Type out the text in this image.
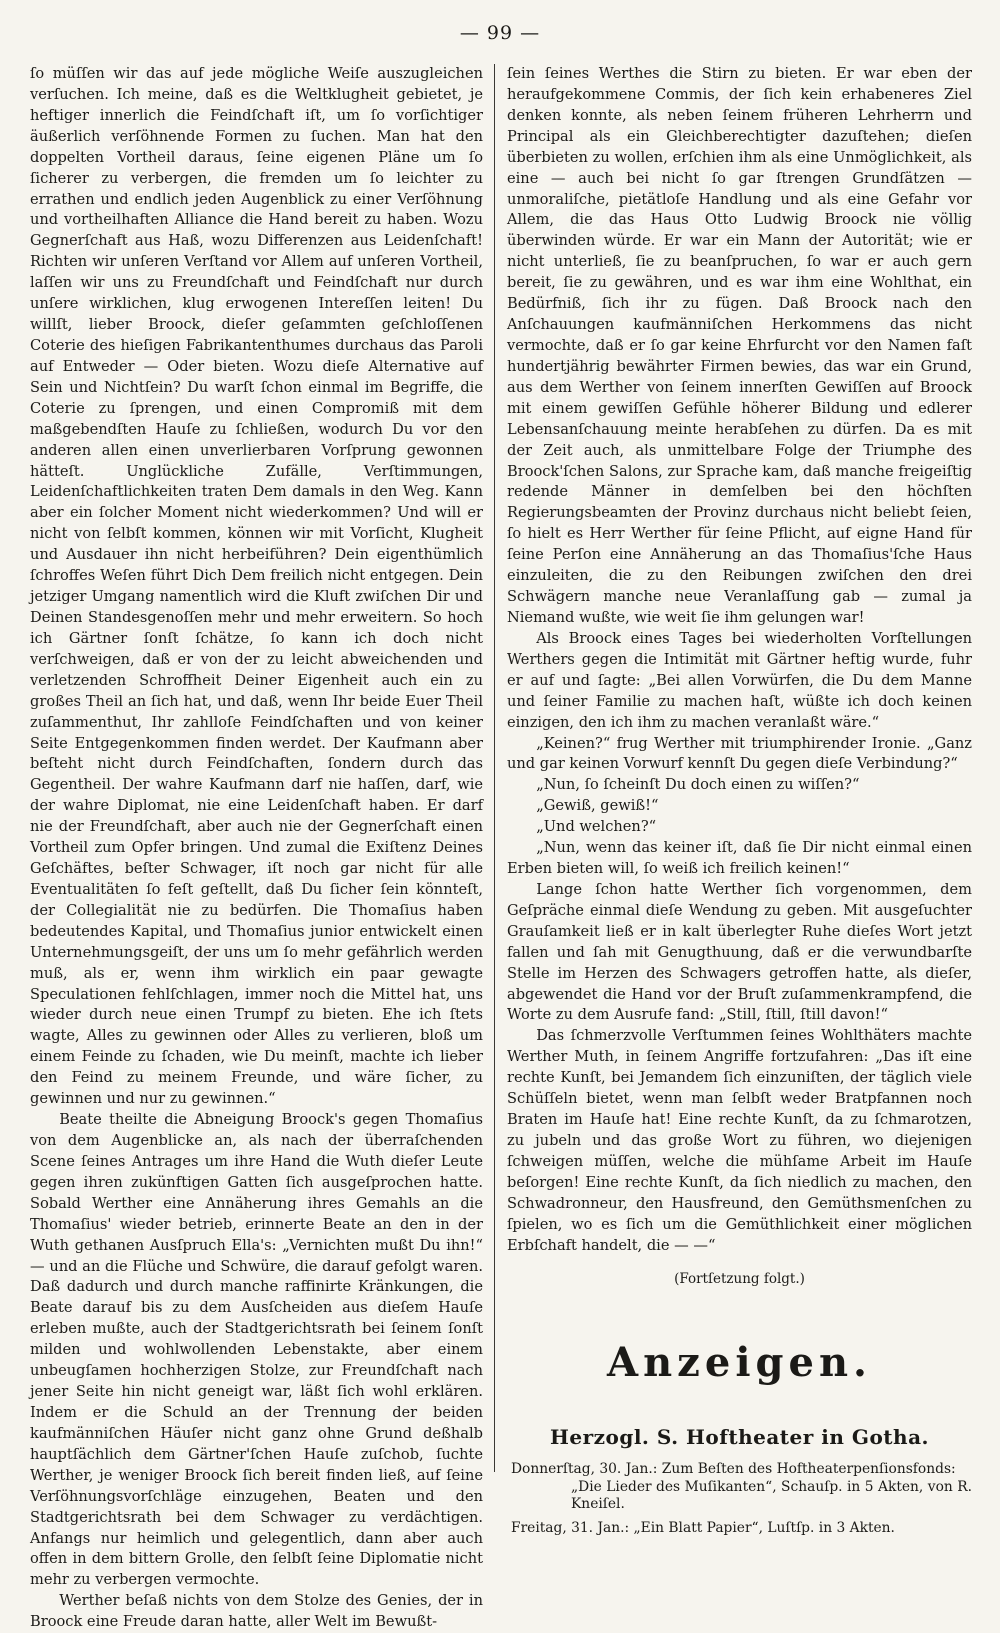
— 99 —

ſo müſſen wir das auf jede mögliche Weiſe auszugleichen verſuchen. Ich meine, daß es die Weltklugheit gebietet, je heftiger innerlich die Feindſchaft iſt, um ſo vorſichtiger äußerlich verſöhnende Formen zu ſuchen. Man hat den doppelten Vortheil daraus, ſeine eigenen Pläne um ſo ſicherer zu verbergen, die fremden um ſo leichter zu errathen und endlich jeden Augenblick zu einer Verſöhnung und vortheilhaften Alliance die Hand bereit zu haben. Wozu Gegnerſchaft aus Haß, wozu Differenzen aus Leidenſchaft! Richten wir unſeren Verſtand vor Allem auf unſeren Vortheil, laſſen wir uns zu Freundſchaft und Feindſchaft nur durch unſere wirklichen, klug erwogenen Intereſſen leiten! Du willſt, lieber Broock, dieſer geſammten geſchloſſenen Coterie des hieſigen Fabrikantenthumes durchaus das Paroli auf Entweder — Oder bieten. Wozu dieſe Alternative auf Sein und Nichtſein? Du warſt ſchon einmal im Begriffe, die Coterie zu ſprengen, und einen Compromiß mit dem maßgebendſten Hauſe zu ſchließen, wodurch Du vor den anderen allen einen unverlierbaren Vorſprung gewonnen hätteſt. Unglückliche Zufälle, Verſtimmungen, Leidenſchaftlichkeiten traten Dem damals in den Weg. Kann aber ein ſolcher Moment nicht wiederkommen? Und will er nicht von ſelbſt kommen, können wir mit Vorſicht, Klugheit und Ausdauer ihn nicht herbeiführen? Dein eigenthümlich ſchroffes Weſen führt Dich Dem freilich nicht entgegen. Dein jetziger Umgang namentlich wird die Kluft zwiſchen Dir und Deinen Standesgenoſſen mehr und mehr erweitern. So hoch ich Gärtner ſonſt ſchätze, ſo kann ich doch nicht verſchweigen, daß er von der zu leicht abweichenden und verletzenden Schroffheit Deiner Eigenheit auch ein zu großes Theil an ſich hat, und daß, wenn Ihr beide Euer Theil zuſammenthut, Ihr zahlloſe Feindſchaften und von keiner Seite Entgegenkommen finden werdet. Der Kaufmann aber beſteht nicht durch Feindſchaften, ſondern durch das Gegentheil. Der wahre Kaufmann darf nie haſſen, darf, wie der wahre Diplomat, nie eine Leidenſchaft haben. Er darf nie der Freundſchaft, aber auch nie der Gegnerſchaft einen Vortheil zum Opfer bringen. Und zumal die Exiſtenz Deines Geſchäftes, beſter Schwager, iſt noch gar nicht für alle Eventualitäten ſo feſt geſtellt, daß Du ſicher ſein könnteſt, der Collegialität nie zu bedürfen. Die Thomaſius haben bedeutendes Kapital, und Thomaſius junior entwickelt einen Unternehmungsgeiſt, der uns um ſo mehr gefährlich werden muß, als er, wenn ihm wirklich ein paar gewagte Speculationen fehlſchlagen, immer noch die Mittel hat, uns wieder durch neue einen Trumpf zu bieten. Ehe ich ſtets wagte, Alles zu gewinnen oder Alles zu verlieren, bloß um einem Feinde zu ſchaden, wie Du meinſt, machte ich lieber den Feind zu meinem Freunde, und wäre ſicher, zu gewinnen und nur zu gewinnen.“

Beate theilte die Abneigung Broock's gegen Thomaſius von dem Augenblicke an, als nach der überraſchenden Scene ſeines Antrages um ihre Hand die Wuth dieſer Leute gegen ihren zukünftigen Gatten ſich ausgeſprochen hatte. Sobald Werther eine Annäherung ihres Gemahls an die Thomaſius' wieder betrieb, erinnerte Beate an den in der Wuth gethanen Ausſpruch Ella's: „Vernichten mußt Du ihn!“ — und an die Flüche und Schwüre, die darauf gefolgt waren. Daß dadurch und durch manche raffinirte Kränkungen, die Beate darauf bis zu dem Ausſcheiden aus dieſem Hauſe erleben mußte, auch der Stadtgerichtsrath bei ſeinem ſonſt milden und wohlwollenden Lebenstakte, aber einem unbeugſamen hochherzigen Stolze, zur Freundſchaft nach jener Seite hin nicht geneigt war, läßt ſich wohl erklären. Indem er die Schuld an der Trennung der beiden kaufmänniſchen Häuſer nicht ganz ohne Grund deßhalb hauptſächlich dem Gärtner'ſchen Hauſe zuſchob, ſuchte Werther, je weniger Broock ſich bereit finden ließ, auf ſeine Verſöhnungsvorſchläge einzugehen, Beaten und den Stadtgerichtsrath bei dem Schwager zu verdächtigen. Anfangs nur heimlich und gelegentlich, dann aber auch offen in dem bittern Grolle, den ſelbſt ſeine Diplomatie nicht mehr zu verbergen vermochte.

Werther beſaß nichts von dem Stolze des Genies, der in Broock eine Freude daran hatte, aller Welt im Bewußt-

ſein ſeines Werthes die Stirn zu bieten. Er war eben der heraufgekommene Commis, der ſich kein erhabeneres Ziel denken konnte, als neben ſeinem früheren Lehrherrn und Principal als ein Gleichberechtigter dazuſtehen; dieſen überbieten zu wollen, erſchien ihm als eine Unmöglichkeit, als eine — auch bei nicht ſo gar ſtrengen Grundſätzen — unmoraliſche, pietätloſe Handlung und als eine Gefahr vor Allem, die das Haus Otto Ludwig Broock nie völlig überwinden würde. Er war ein Mann der Autorität; wie er nicht unterließ, ſie zu beanſpruchen, ſo war er auch gern bereit, ſie zu gewähren, und es war ihm eine Wohlthat, ein Bedürfniß, ſich ihr zu fügen. Daß Broock nach den Anſchauungen kaufmänniſchen Herkommens das nicht vermochte, daß er ſo gar keine Ehrfurcht vor den Namen faſt hundertjährig bewährter Firmen bewies, das war ein Grund, aus dem Werther von ſeinem innerſten Gewiſſen auf Broock mit einem gewiſſen Gefühle höherer Bildung und edlerer Lebensanſchauung meinte herabſehen zu dürfen. Da es mit der Zeit auch, als unmittelbare Folge der Triumphe des Broock'ſchen Salons, zur Sprache kam, daß manche freigeiſtig redende Männer in demſelben bei den höchſten Regierungsbeamten der Provinz durchaus nicht beliebt ſeien, ſo hielt es Herr Werther für ſeine Pflicht, auf eigne Hand für ſeine Perſon eine Annäherung an das Thomaſius'ſche Haus einzuleiten, die zu den Reibungen zwiſchen den drei Schwägern manche neue Veranlaſſung gab — zumal ja Niemand wußte, wie weit ſie ihm gelungen war!

Als Broock eines Tages bei wiederholten Vorſtellungen Werthers gegen die Intimität mit Gärtner heftig wurde, fuhr er auf und ſagte: „Bei allen Vorwürfen, die Du dem Manne und ſeiner Familie zu machen haſt, wüßte ich doch keinen einzigen, den ich ihm zu machen veranlaßt wäre.“

„Keinen?“ frug Werther mit triumphirender Ironie. „Ganz und gar keinen Vorwurf kennſt Du gegen dieſe Verbindung?“

„Nun, ſo ſcheinſt Du doch einen zu wiſſen?“

„Gewiß, gewiß!“

„Und welchen?“

„Nun, wenn das keiner iſt, daß ſie Dir nicht einmal einen Erben bieten will, ſo weiß ich freilich keinen!“

Lange ſchon hatte Werther ſich vorgenommen, dem Geſpräche einmal dieſe Wendung zu geben. Mit ausgeſuchter Grauſamkeit ließ er in kalt überlegter Ruhe dieſes Wort jetzt fallen und ſah mit Genugthuung, daß er die verwundbarſte Stelle im Herzen des Schwagers getroffen hatte, als dieſer, abgewendet die Hand vor der Bruſt zuſammenkrampfend, die Worte zu dem Ausrufe fand: „Still, ſtill, ſtill davon!“

Das ſchmerzvolle Verſtummen ſeines Wohlthäters machte Werther Muth, in ſeinem Angriffe fortzufahren: „Das iſt eine rechte Kunſt, bei Jemandem ſich einzuniſten, der täglich viele Schüſſeln bietet, wenn man ſelbſt weder Bratpfannen noch Braten im Hauſe hat! Eine rechte Kunſt, da zu ſchmarotzen, zu jubeln und das große Wort zu führen, wo diejenigen ſchweigen müſſen, welche die mühſame Arbeit im Hauſe beſorgen! Eine rechte Kunſt, da ſich niedlich zu machen, den Schwadronneur, den Hausfreund, den Gemüthsmenſchen zu ſpielen, wo es ſich um die Gemüthlichkeit einer möglichen Erbſchaft handelt, die — —“

(Fortſetzung folgt.)

Anzeigen.
Herzogl. S. Hoftheater in Gotha.
Donnerſtag, 30. Jan.: Zum Beſten des Hoftheaterpenſionsfonds:
„Die Lieder des Muſikanten“, Schauſp. in 5 Akten, von R. Kneiſel.
Freitag, 31. Jan.: „Ein Blatt Papier“, Luſtſp. in 3 Akten.
